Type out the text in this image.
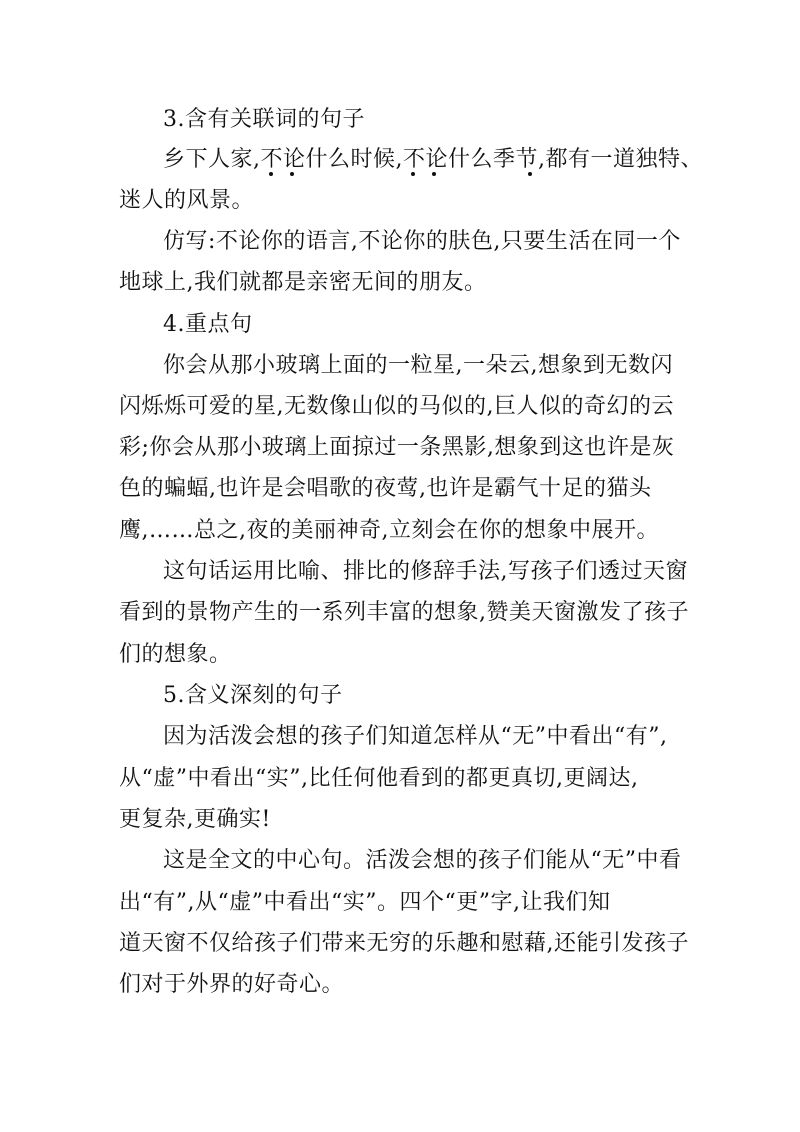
3.含有关联词的句子
乡下人家,不论什么时候,不论什么季节,都有一道独特、
迷人的风景。
仿写:不论你的语言,不论你的肤色,只要生活在同一个
地球上,我们就都是亲密无间的朋友。
4.重点句
你会从那小玻璃上面的一粒星,一朵云,想象到无数闪
闪烁烁可爱的星,无数像山似的马似的,巨人似的奇幻的云
彩;你会从那小玻璃上面掠过一条黑影,想象到这也许是灰
色的蝙蝠,也许是会唱歌的夜莺,也许是霸气十足的猫头
鹰,……总之,夜的美丽神奇,立刻会在你的想象中展开。
这句话运用比喻、排比的修辞手法,写孩子们透过天窗
看到的景物产生的一系列丰富的想象,赞美天窗激发了孩子
们的想象。
5.含义深刻的句子
因为活泼会想的孩子们知道怎样从“无”中看出“有”,
从“虚”中看出“实”,比任何他看到的都更真切,更阔达,
更复杂,更确实!
这是全文的中心句。活泼会想的孩子们能从“无”中看
出“有”,从“虚”中看出“实”。四个“更”字,让我们知
道天窗不仅给孩子们带来无穷的乐趣和慰藉,还能引发孩子
们对于外界的好奇心。
